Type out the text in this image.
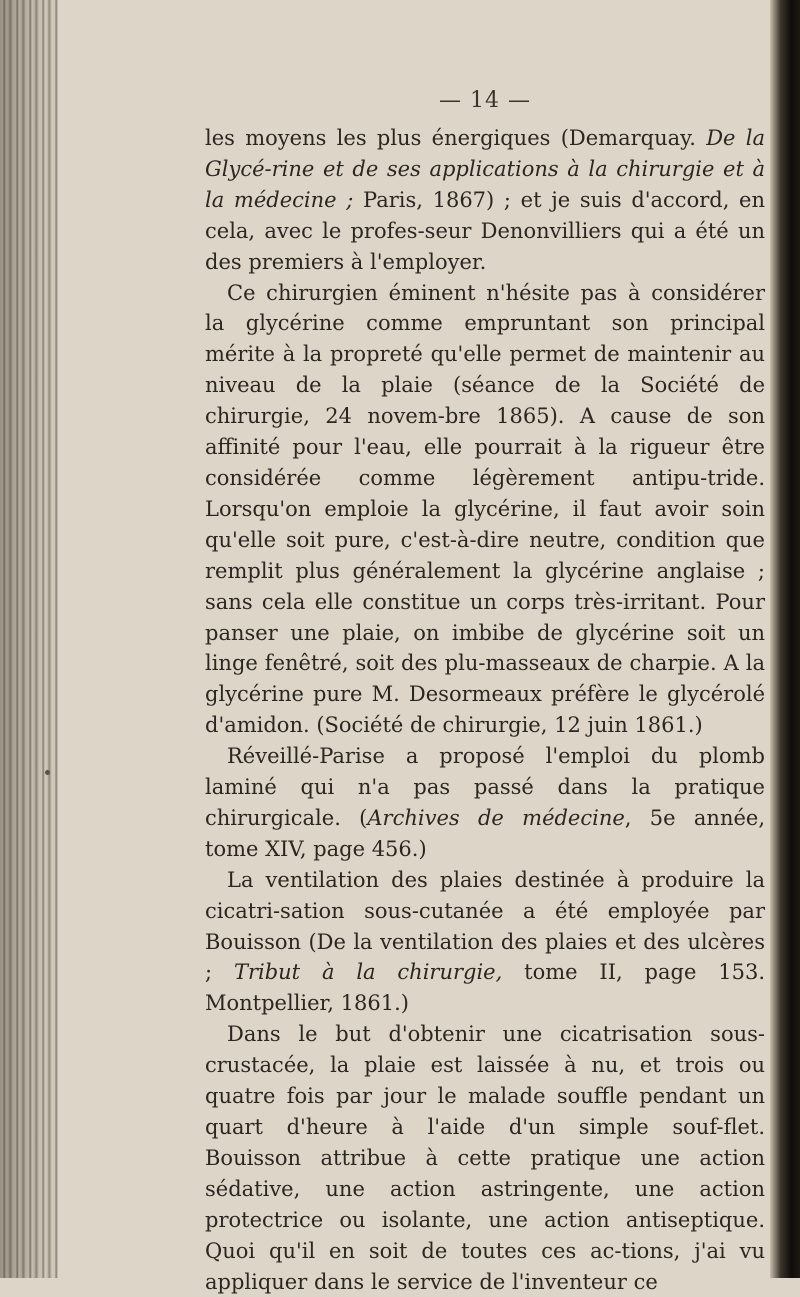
— 14 —

les moyens les plus énergiques (Demarquay. De la Glycé-rine et de ses applications à la chirurgie et à la médecine ; Paris, 1867) ; et je suis d'accord, en cela, avec le profes-seur Denonvilliers qui a été un des premiers à l'employer.

Ce chirurgien éminent n'hésite pas à considérer la glycérine comme empruntant son principal mérite à la propreté qu'elle permet de maintenir au niveau de la plaie (séance de la Société de chirurgie, 24 novem-bre 1865). A cause de son affinité pour l'eau, elle pourrait à la rigueur être considérée comme légèrement antipu-tride. Lorsqu'on emploie la glycérine, il faut avoir soin qu'elle soit pure, c'est-à-dire neutre, condition que remplit plus généralement la glycérine anglaise ; sans cela elle constitue un corps très-irritant. Pour panser une plaie, on imbibe de glycérine soit un linge fenêtré, soit des plu-masseaux de charpie. A la glycérine pure M. Desormeaux préfère le glycérolé d'amidon. (Société de chirurgie, 12 juin 1861.)

Réveillé-Parise a proposé l'emploi du plomb laminé qui n'a pas passé dans la pratique chirurgicale. (Archives de médecine, 5e année, tome XIV, page 456.)

La ventilation des plaies destinée à produire la cicatri-sation sous-cutanée a été employée par Bouisson (De la ventilation des plaies et des ulcères ; Tribut à la chirurgie, tome II, page 153. Montpellier, 1861.)

Dans le but d'obtenir une cicatrisation sous-crustacée, la plaie est laissée à nu, et trois ou quatre fois par jour le malade souffle pendant un quart d'heure à l'aide d'un simple souf-flet. Bouisson attribue à cette pratique une action sédative, une action astringente, une action protectrice ou isolante, une action antiseptique. Quoi qu'il en soit de toutes ces ac-tions, j'ai vu appliquer dans le service de l'inventeur ce
